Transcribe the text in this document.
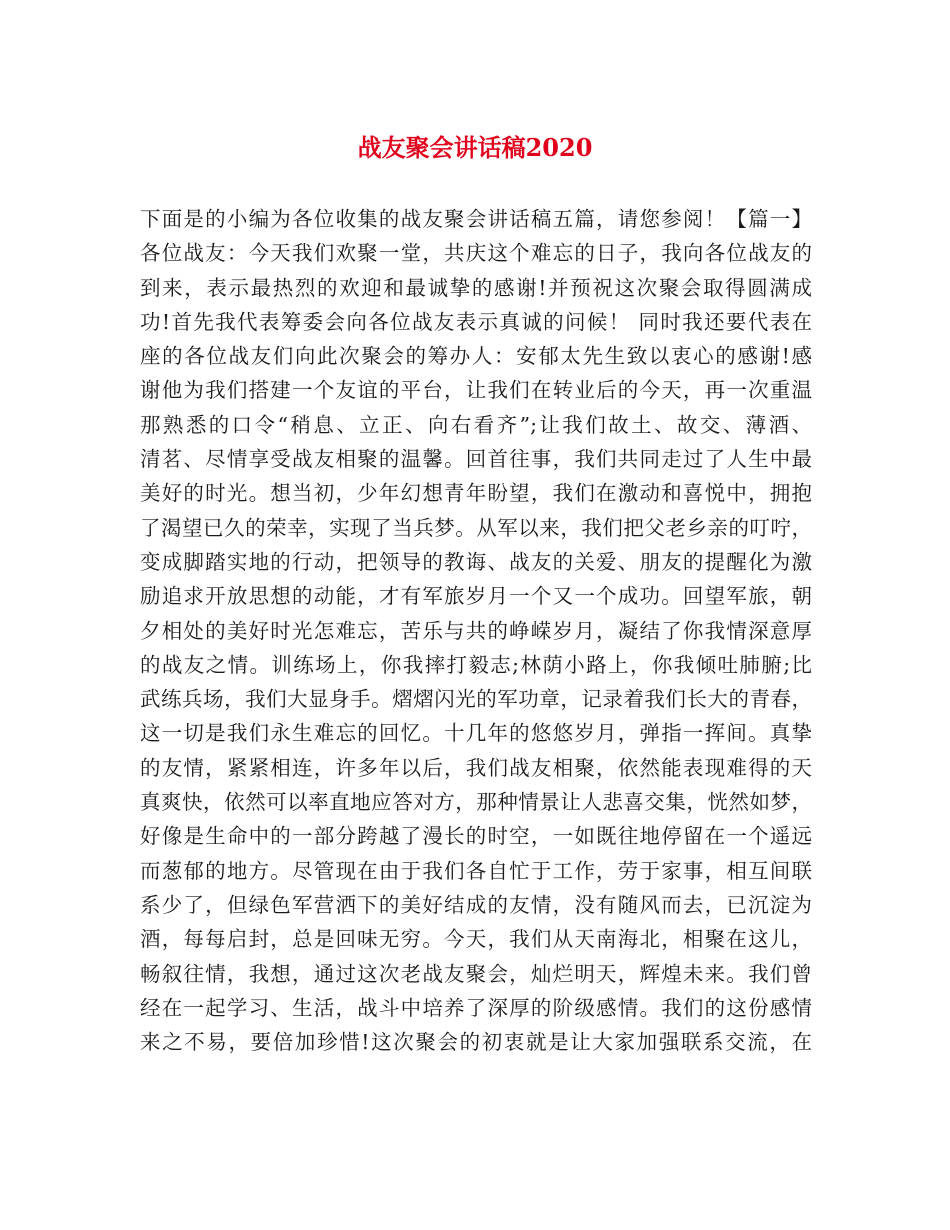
战友聚会讲话稿2020
下面是的小编为各位收集的战友聚会讲话稿五篇，请您参阅！【篇一】
各位战友：今天我们欢聚一堂，共庆这个难忘的日子，我向各位战友的
到来，表示最热烈的欢迎和最诚挚的感谢!并预祝这次聚会取得圆满成
功!首先我代表筹委会向各位战友表示真诚的问候！ 同时我还要代表在
座的各位战友们向此次聚会的筹办人：安郁太先生致以衷心的感谢!感
谢他为我们搭建一个友谊的平台，让我们在转业后的今天，再一次重温
那熟悉的口令“稍息、立正、向右看齐”;让我们故土、故交、薄酒、
清茗、尽情享受战友相聚的温馨。回首往事，我们共同走过了人生中最
美好的时光。想当初，少年幻想青年盼望，我们在激动和喜悦中，拥抱
了渴望已久的荣幸，实现了当兵梦。从军以来，我们把父老乡亲的叮咛，
变成脚踏实地的行动，把领导的教诲、战友的关爱、朋友的提醒化为激
励追求开放思想的动能，才有军旅岁月一个又一个成功。回望军旅，朝
夕相处的美好时光怎难忘，苦乐与共的峥嵘岁月，凝结了你我情深意厚
的战友之情。训练场上，你我摔打毅志;林荫小路上，你我倾吐肺腑;比
武练兵场，我们大显身手。熠熠闪光的军功章，记录着我们长大的青春，
这一切是我们永生难忘的回忆。十几年的悠悠岁月，弹指一挥间。真挚
的友情，紧紧相连，许多年以后，我们战友相聚，依然能表现难得的天
真爽快，依然可以率直地应答对方，那种情景让人悲喜交集，恍然如梦，
好像是生命中的一部分跨越了漫长的时空，一如既往地停留在一个遥远
而葱郁的地方。尽管现在由于我们各自忙于工作，劳于家事，相互间联
系少了，但绿色军营洒下的美好结成的友情，没有随风而去，已沉淀为
酒，每每启封，总是回味无穷。今天，我们从天南海北，相聚在这儿，
畅叙往情，我想，通过这次老战友聚会，灿烂明天，辉煌未来。我们曾
经在一起学习、生活，战斗中培养了深厚的阶级感情。我们的这份感情
来之不易，要倍加珍惜!这次聚会的初衷就是让大家加强联系交流，在
